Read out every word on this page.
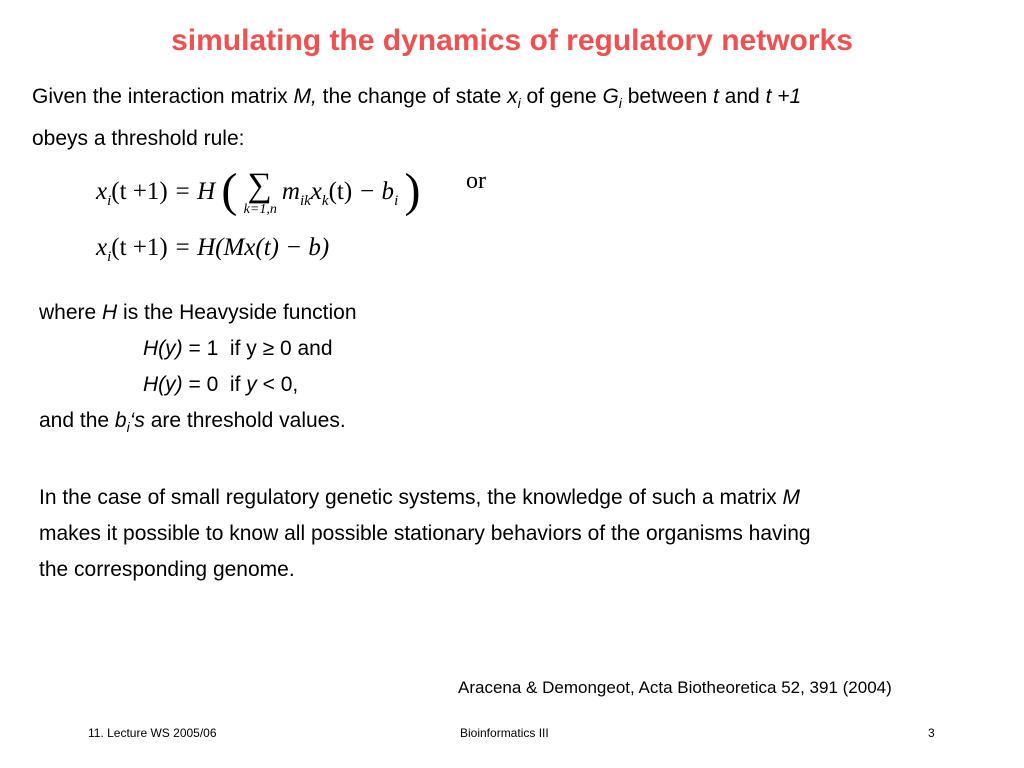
simulating the dynamics of regulatory networks
Given the interaction matrix M, the change of state $x_i$ of gene $G_i$ between t and t +1
obeys a threshold rule:
$x_i(t +1) = H$ ( ∑
k=1,n
$m_{ik}x_k(t) - b_i$ ) or
$x_i(t +1) = H(Mx(t) - b)$
where H is the Heavyside function
H(y) = 1  if y ≥ 0 and
H(y) = 0  if y < 0,
and the $b_i‘s$ are threshold values.
In the case of small regulatory genetic systems, the knowledge of such a matrix M
makes it possible to know all possible stationary behaviors of the organisms having
the corresponding genome.
Aracena & Demongeot, Acta Biotheoretica 52, 391 (2004)
11. Lecture WS 2005/06	Bioinformatics III	3
